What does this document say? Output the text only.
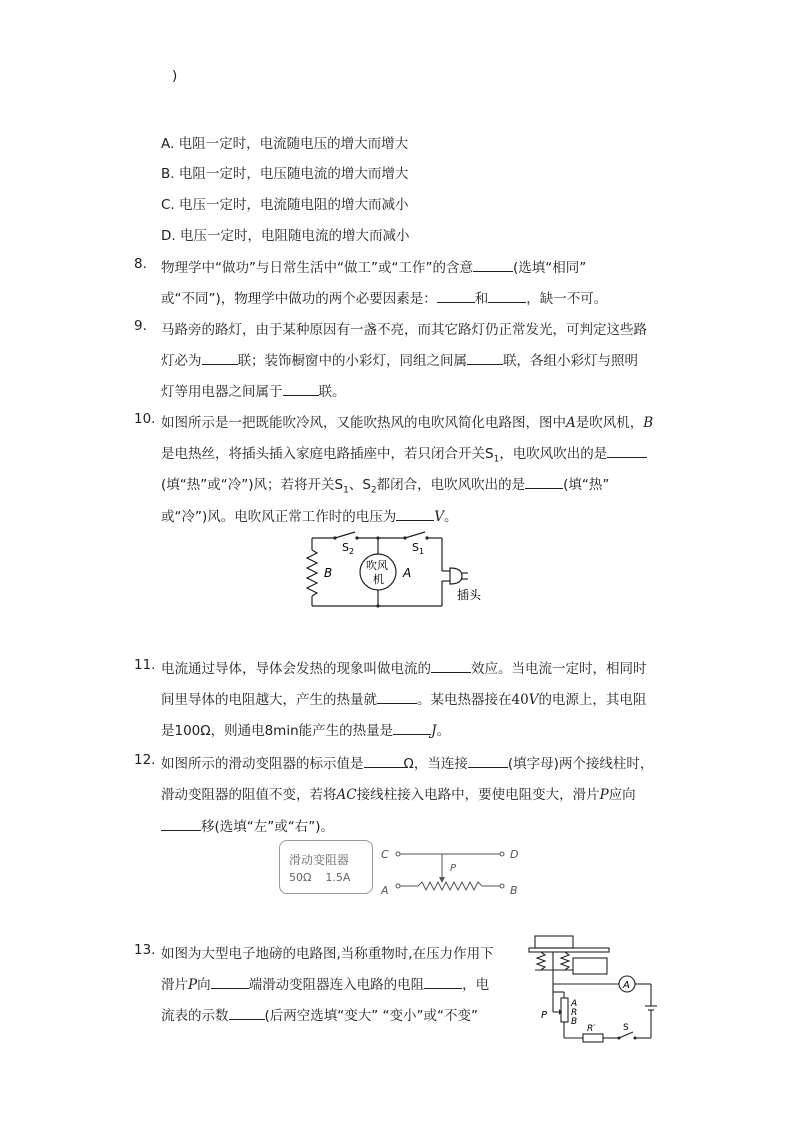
)
A. 电阻一定时，电流随电压的增大而增大
B. 电阻一定时，电压随电流的增大而增大
C. 电压一定时，电流随电阻的增大而减小
D. 电压一定时，电阻随电流的增大而减小
8. 物理学中“做功”与日常生活中“做工”或“工作”的含意	(选填“相同”
或“不同”)，物理学中做功的两个必要因素是：	和	，缺一不可。
9. 马路旁的路灯，由于某种原因有一盏不亮，而其它路灯仍正常发光，可判定这些路
灯必为	联；装饰橱窗中的小彩灯，同组之间属	联，各组小彩灯与照明
灯等用电器之间属于	联。
10. 如图所示是一把既能吹冷风，又能吹热风的电吹风简化电路图，图中A是吹风机，B
是电热丝，将插头插入家庭电路插座中，若只闭合开关$S_1$，电吹风吹出的是
(填“热”或“冷”)风；若将开关$S_1$、$S_2$都闭合，电吹风吹出的是	(填“热”
或“冷”)风。电吹风正常工作时的电压为	V。
$S_2$	$S_1$
B	A
吹风
机
插头
11. 电流通过导体，导体会发热的现象叫做电流的	效应。当电流一定时，相同时
间里导体的电阻越大，产生的热量就	。某电热器接在40V的电源上，其电阻
是100Ω，则通电8min能产生的热量是	J。
12. 如图所示的滑动变阻器的标示值是	Ω，当连接	(填字母)两个接线柱时，
滑动变阻器的阻值不变，若将AC接线柱接入电路中，要使电阻变大，滑片P应向
移(选填“左”或“右”)。
滑动变阻器
50Ω    1.5A
C	D
A	B
P
13. 如图为大型电子地磅的电路图,当称重物时,在压力作用下
滑片P向	端滑动变阻器连入电路的电阻	，电
流表的示数	(后两空选填“变大” “变小”或“不变”
A
A
R
B
P
R′	S
